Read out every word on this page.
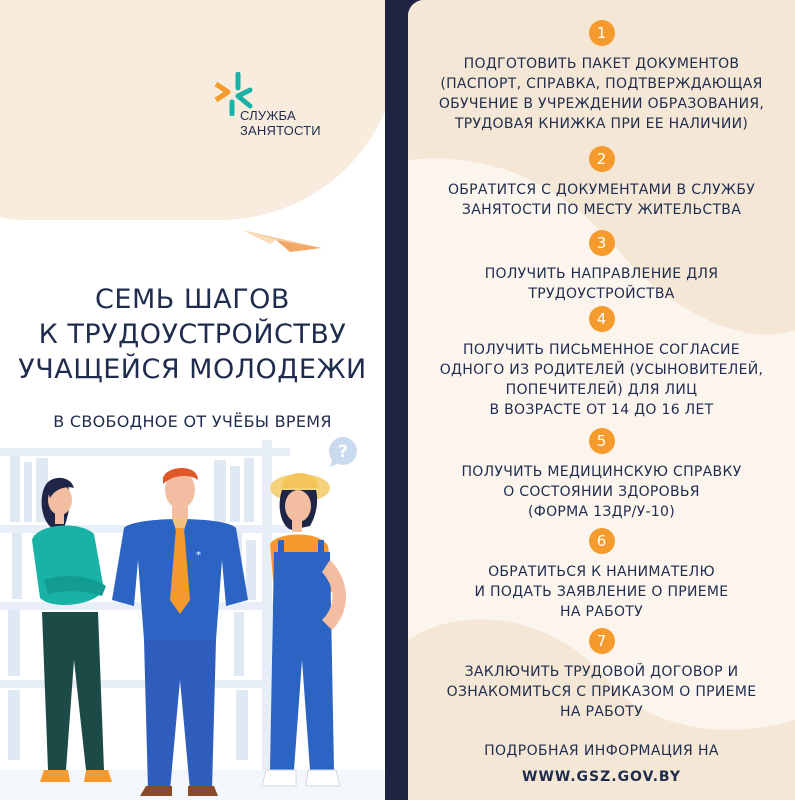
СЛУЖБА
ЗАНЯТОСТИ
СЕМЬ ШАГОВ
К ТРУДОУСТРОЙСТВУ
УЧАЩЕЙСЯ МОЛОДЕЖИ
В СВОБОДНОЕ ОТ УЧЁБЫ ВРЕМЯ
?
*
1
ПОДГОТОВИТЬ ПАКЕТ ДОКУМЕНТОВ
(ПАСПОРТ, СПРАВКА, ПОДТВЕРЖДАЮЩАЯ
ОБУЧЕНИЕ В УЧРЕЖДЕНИИ ОБРАЗОВАНИЯ,
ТРУДОВАЯ КНИЖКА ПРИ ЕЕ НАЛИЧИИ)
2
ОБРАТИТСЯ С ДОКУМЕНТАМИ В СЛУЖБУ
ЗАНЯТОСТИ ПО МЕСТУ ЖИТЕЛЬСТВА
3
ПОЛУЧИТЬ НАПРАВЛЕНИЕ ДЛЯ
ТРУДОУСТРОЙСТВА
4
ПОЛУЧИТЬ ПИСЬМЕННОЕ СОГЛАСИЕ
ОДНОГО ИЗ РОДИТЕЛЕЙ (УСЫНОВИТЕЛЕЙ,
ПОПЕЧИТЕЛЕЙ) ДЛЯ ЛИЦ
В ВОЗРАСТЕ ОТ 14 ДО 16 ЛЕТ
5
ПОЛУЧИТЬ МЕДИЦИНСКУЮ СПРАВКУ
О СОСТОЯНИИ ЗДОРОВЬЯ
(ФОРМА 1ЗДР/У-10)
6
ОБРАТИТЬСЯ К НАНИМАТЕЛЮ
И ПОДАТЬ ЗАЯВЛЕНИЕ О ПРИЕМЕ
НА РАБОТУ
7
ЗАКЛЮЧИТЬ ТРУДОВОЙ ДОГОВОР И
ОЗНАКОМИТЬСЯ С ПРИКАЗОМ О ПРИЕМЕ
НА РАБОТУ
ПОДРОБНАЯ ИНФОРМАЦИЯ НА
WWW.GSZ.GOV.BY
